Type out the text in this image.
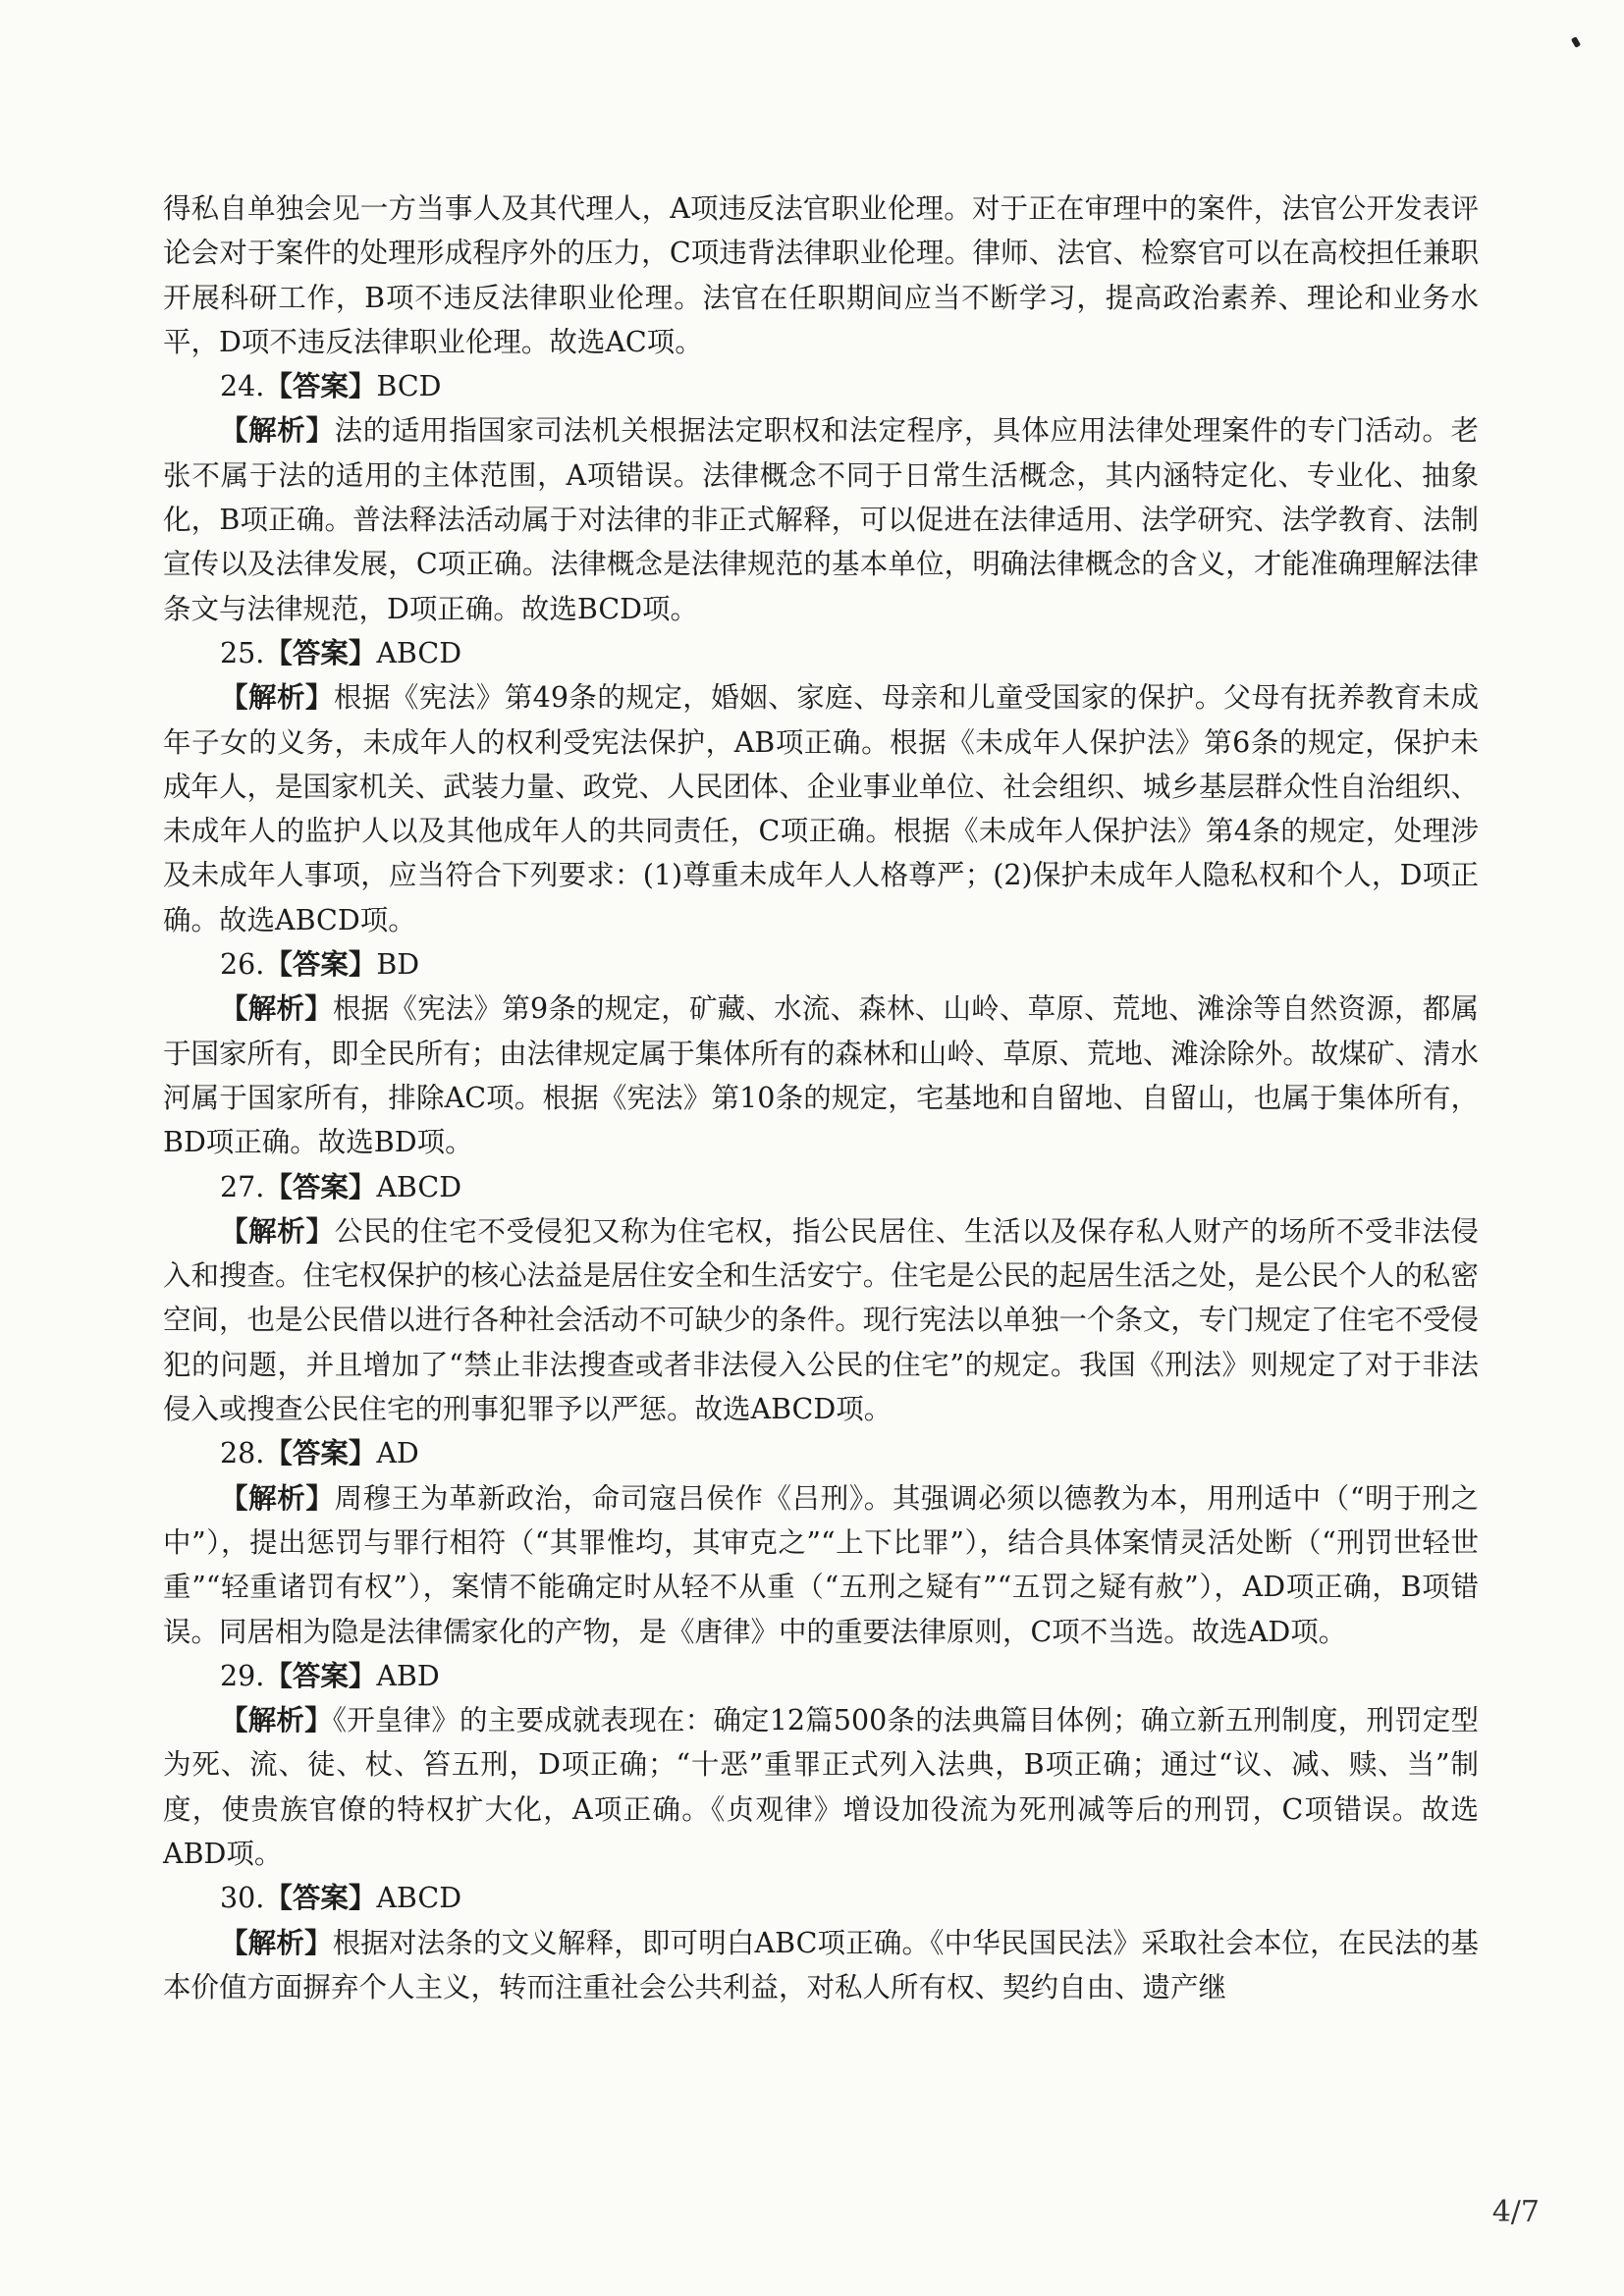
得私自单独会见一方当事人及其代理人，A项违反法官职业伦理。对于正在审理中的案件，法官公开发表评论会对于案件的处理形成程序外的压力，C项违背法律职业伦理。律师、法官、检察官可以在高校担任兼职开展科研工作，B项不违反法律职业伦理。法官在任职期间应当不断学习，提高政治素养、理论和业务水平，D项不违反法律职业伦理。故选AC项。

24.【答案】BCD

【解析】法的适用指国家司法机关根据法定职权和法定程序，具体应用法律处理案件的专门活动。老张不属于法的适用的主体范围，A项错误。法律概念不同于日常生活概念，其内涵特定化、专业化、抽象化，B项正确。普法释法活动属于对法律的非正式解释，可以促进在法律适用、法学研究、法学教育、法制宣传以及法律发展，C项正确。法律概念是法律规范的基本单位，明确法律概念的含义，才能准确理解法律条文与法律规范，D项正确。故选BCD项。

25.【答案】ABCD

【解析】根据《宪法》第49条的规定，婚姻、家庭、母亲和儿童受国家的保护。父母有抚养教育未成年子女的义务，未成年人的权利受宪法保护，AB项正确。根据《未成年人保护法》第6条的规定，保护未成年人，是国家机关、武装力量、政党、人民团体、企业事业单位、社会组织、城乡基层群众性自治组织、未成年人的监护人以及其他成年人的共同责任，C项正确。根据《未成年人保护法》第4条的规定，处理涉及未成年人事项，应当符合下列要求：(1)尊重未成年人人格尊严；(2)保护未成年人隐私权和个人，D项正确。故选ABCD项。

26.【答案】BD

【解析】根据《宪法》第9条的规定，矿藏、水流、森林、山岭、草原、荒地、滩涂等自然资源，都属于国家所有，即全民所有；由法律规定属于集体所有的森林和山岭、草原、荒地、滩涂除外。故煤矿、清水河属于国家所有，排除AC项。根据《宪法》第10条的规定，宅基地和自留地、自留山，也属于集体所有，BD项正确。故选BD项。

27.【答案】ABCD

【解析】公民的住宅不受侵犯又称为住宅权，指公民居住、生活以及保存私人财产的场所不受非法侵入和搜查。住宅权保护的核心法益是居住安全和生活安宁。住宅是公民的起居生活之处，是公民个人的私密空间，也是公民借以进行各种社会活动不可缺少的条件。现行宪法以单独一个条文，专门规定了住宅不受侵犯的问题，并且增加了“禁止非法搜查或者非法侵入公民的住宅”的规定。我国《刑法》则规定了对于非法侵入或搜查公民住宅的刑事犯罪予以严惩。故选ABCD项。

28.【答案】AD

【解析】周穆王为革新政治，命司寇吕侯作《吕刑》。其强调必须以德教为本，用刑适中（“明于刑之中”），提出惩罚与罪行相符（“其罪惟均，其审克之”“上下比罪”），结合具体案情灵活处断（“刑罚世轻世重”“轻重诸罚有权”），案情不能确定时从轻不从重（“五刑之疑有”“五罚之疑有赦”），AD项正确，B项错误。同居相为隐是法律儒家化的产物，是《唐律》中的重要法律原则，C项不当选。故选AD项。

29.【答案】ABD

【解析】《开皇律》的主要成就表现在：确定12篇500条的法典篇目体例；确立新五刑制度，刑罚定型为死、流、徒、杖、笞五刑，D项正确；“十恶”重罪正式列入法典，B项正确；通过“议、减、赎、当”制度，使贵族官僚的特权扩大化，A项正确。《贞观律》增设加役流为死刑减等后的刑罚，C项错误。故选ABD项。

30.【答案】ABCD

【解析】根据对法条的文义解释，即可明白ABC项正确。《中华民国民法》采取社会本位，在民法的基本价值方面摒弃个人主义，转而注重社会公共利益，对私人所有权、契约自由、遗产继

4/7
